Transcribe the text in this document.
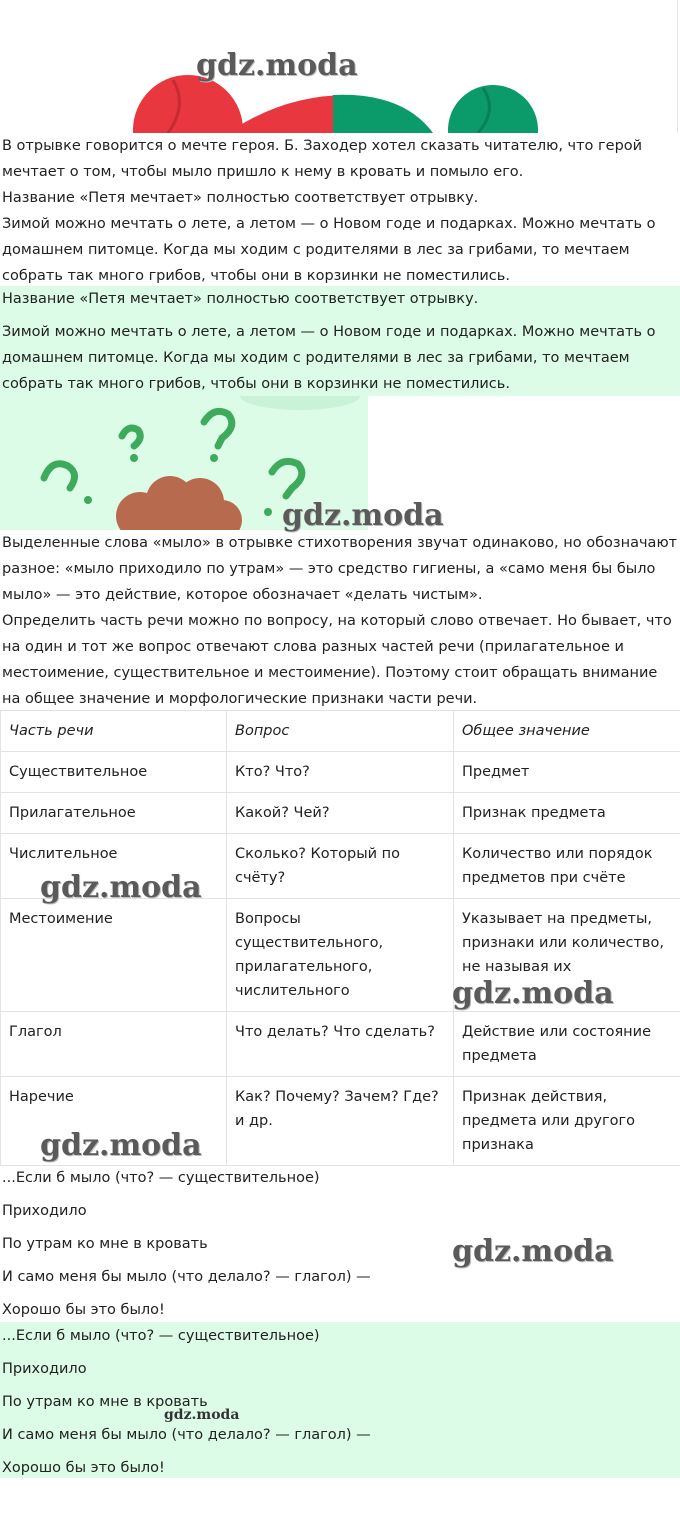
gdz.moda

В отрывке говорится о мечте героя. Б. Заходер хотел сказать читателю, что герой мечтает о том, чтобы мыло пришло к нему в кровать и помыло его.

Название «Петя мечтает» полностью соответствует отрывку.

Зимой можно мечтать о лете, а летом — о Новом годе и подарках. Можно мечтать о домашнем питомце. Когда мы ходим с родителями в лес за грибами, то мечтаем собрать так много грибов, чтобы они в корзинки не поместились.

Название «Петя мечтает» полностью соответствует отрывку.

Зимой можно мечтать о лете, а летом — о Новом годе и подарках. Можно мечтать о домашнем питомце. Когда мы ходим с родителями в лес за грибами, то мечтаем собрать так много грибов, чтобы они в корзинки не поместились.

gdz.moda

Выделенные слова «мыло» в отрывке стихотворения звучат одинаково, но обозначают разное: «мыло приходило по утрам» — это средство гигиены, а «само меня бы было мыло» — это действие, которое обозначает «делать чистым».

Определить часть речи можно по вопросу, на который слово отвечает. Но бывает, что на один и тот же вопрос отвечают слова разных частей речи (прилагательное и местоимение, существительное и местоимение). Поэтому стоит обращать внимание на общее значение и морфологические признаки части речи.

Часть речи	Вопрос	Общее значение
Существительное	Кто? Что?	Предмет
Прилагательное	Какой? Чей?	Признак предмета
Числительное	Сколько? Который по счёту?	Количество или порядок предметов при счёте
Местоимение	Вопросы существительного, прилагательного, числительного	Указывает на предметы, признаки или количество, не называя их
Глагол	Что делать? Что сделать?	Действие или состояние предмета
Наречие	Как? Почему? Зачем? Где? и др.	Признак действия, предмета или другого признака
gdz.moda
gdz.moda
gdz.moda

...Если б мыло (что? — существительное)

Приходило

По утрам ко мне в кровать

И само меня бы мыло (что делало? — глагол) —

Хорошо бы это было!

gdz.moda

...Если б мыло (что? — существительное)

Приходило

По утрам ко мне в кровать

И само меня бы мыло (что делало? — глагол) —

Хорошо бы это было!

gdz.moda
